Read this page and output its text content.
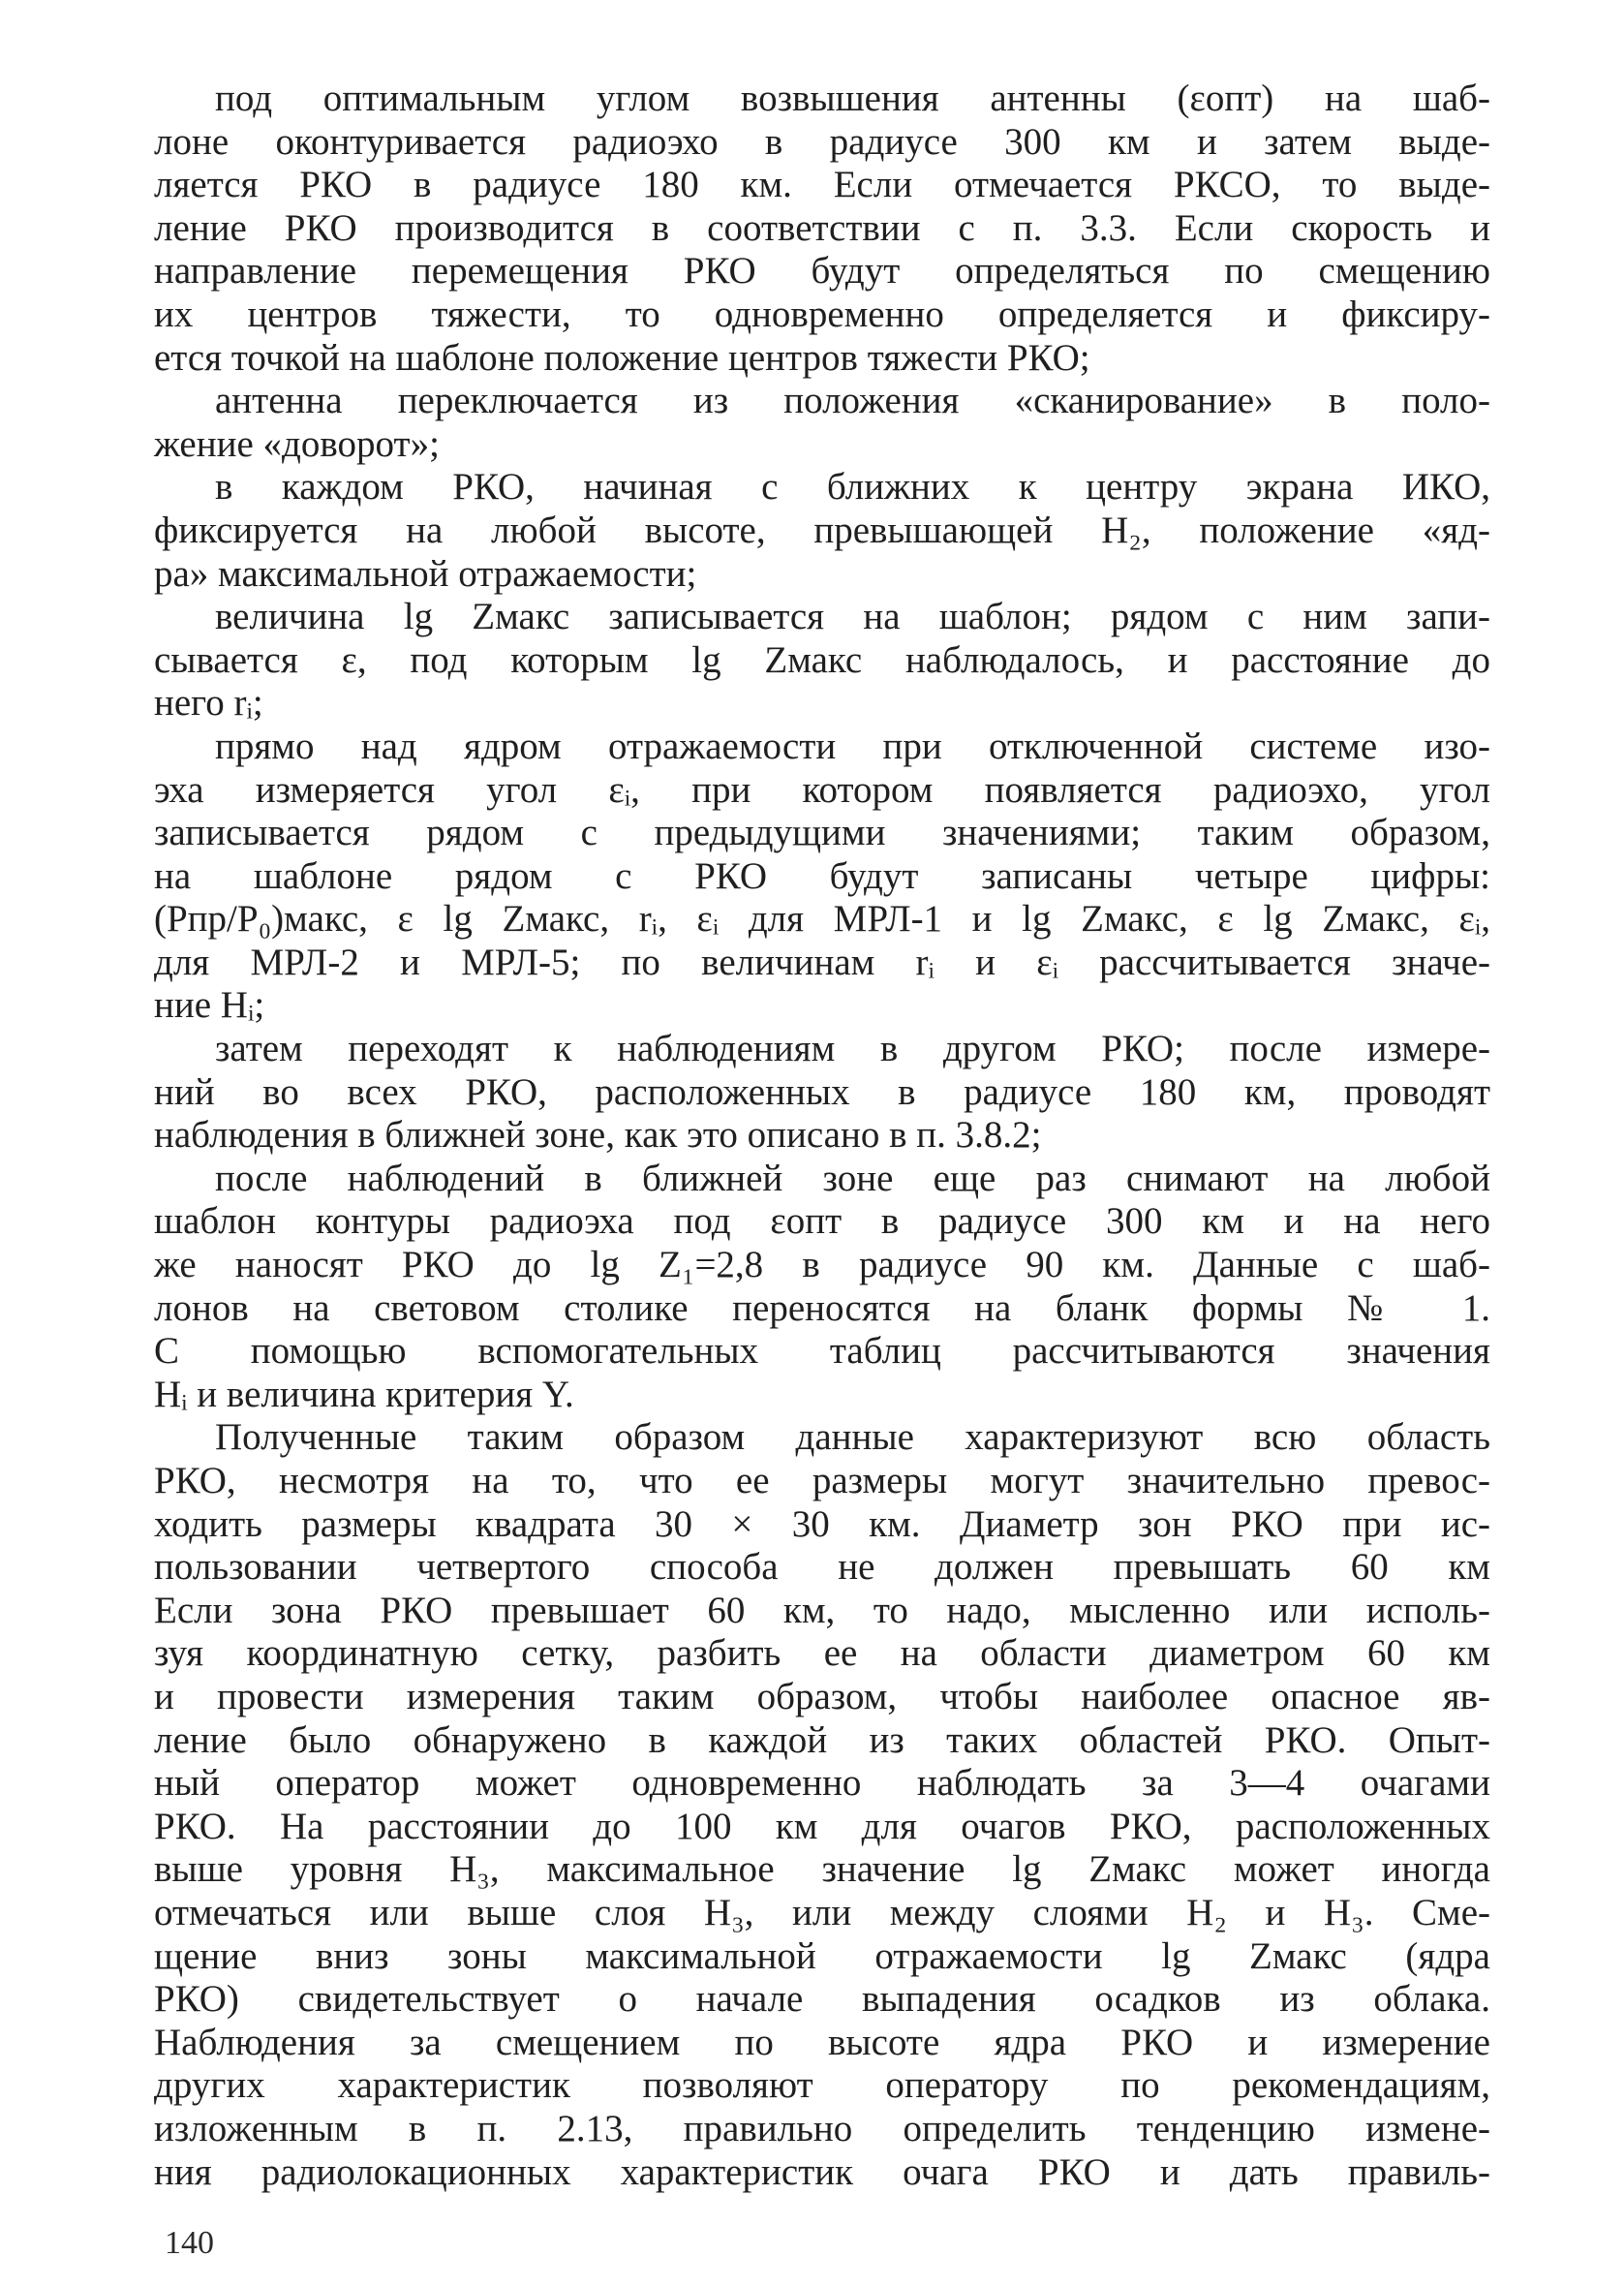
под оптимальным углом возвышения антенны (εопт) на шаб-
лоне оконтуривается радиоэхо в радиусе 300 км и затем выде-
ляется РКО в радиусе 180 км. Если отмечается РКСО, то выде-
ление РКО производится в соответствии с п. 3.3. Если скорость и
направление перемещения РКО будут определяться по смещению
их центров тяжести, то одновременно определяется и фиксиру-
ется точкой на шаблоне положение центров тяжести РКО;
антенна переключается из положения «сканирование» в поло-
жение «доворот»;
в каждом РКО, начиная с ближних к центру экрана ИКО,
фиксируется на любой высоте, превышающей H₂, положение «яд-
ра» максимальной отражаемости;
величина lg Zмакс записывается на шаблон; рядом с ним запи-
сывается ε, под которым lg Zмакс наблюдалось, и расстояние до
него rᵢ;
прямо над ядром отражаемости при отключенной системе изо-
эха измеряется угол εᵢ, при котором появляется радиоэхо, угол
записывается рядом с предыдущими значениями; таким образом,
на шаблоне рядом с РКО будут записаны четыре цифры:
(Pпр/P₀)макс, ε lg Zмакс, rᵢ, εᵢ для МРЛ-1 и lg Zмакс, ε lg Zмакс, εᵢ,
для МРЛ-2 и МРЛ-5; по величинам rᵢ и εᵢ рассчитывается значе-
ние Hᵢ;
затем переходят к наблюдениям в другом РКО; после измере-
ний во всех РКО, расположенных в радиусе 180 км, проводят
наблюдения в ближней зоне, как это описано в п. 3.8.2;
после наблюдений в ближней зоне еще раз снимают на любой
шаблон контуры радиоэха под εопт в радиусе 300 км и на него
же наносят РКО до lg Z₁=2,8 в радиусе 90 км. Данные с шаб-
лонов на световом столике переносятся на бланк формы № 1.
С помощью вспомогательных таблиц рассчитываются значения
Hᵢ и величина критерия Y.
Полученные таким образом данные характеризуют всю область
РКО, несмотря на то, что ее размеры могут значительно превос-
ходить размеры квадрата 30 × 30 км. Диаметр зон РКО при ис-
пользовании четвертого способа не должен превышать 60 км
Если зона РКО превышает 60 км, то надо, мысленно или исполь-
зуя координатную сетку, разбить ее на области диаметром 60 км
и провести измерения таким образом, чтобы наиболее опасное яв-
ление было обнаружено в каждой из таких областей РКО. Опыт-
ный оператор может одновременно наблюдать за 3—4 очагами
РКО. На расстоянии до 100 км для очагов РКО, расположенных
выше уровня H₃, максимальное значение lg Zмакс может иногда
отмечаться или выше слоя H₃, или между слоями H₂ и H₃. Сме-
щение вниз зоны максимальной отражаемости lg Zмакс (ядра
РКО) свидетельствует о начале выпадения осадков из облака.
Наблюдения за смещением по высоте ядра РКО и измерение
других характеристик позволяют оператору по рекомендациям,
изложенным в п. 2.13, правильно определить тенденцию измене-
ния радиолокационных характеристик очага РКО и дать правиль-
140
